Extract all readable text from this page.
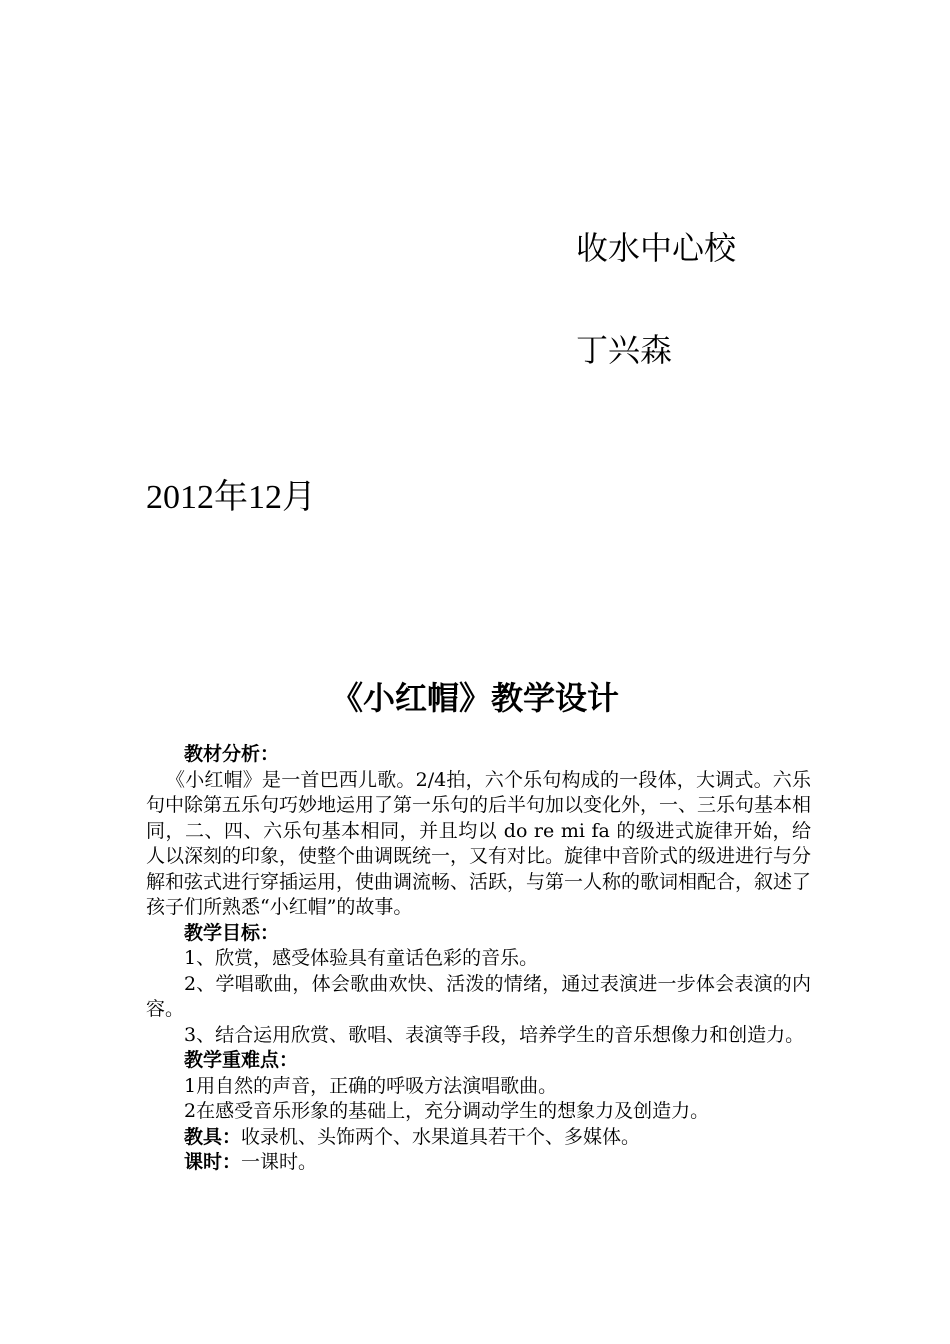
收水中心校
丁兴森
2012年12月
《小红帽》教学设计

教材分析：

《小红帽》是一首巴西儿歌。2/4拍，六个乐句构成的一段体，大调式。六乐句中除第五乐句巧妙地运用了第一乐句的后半句加以变化外，一、三乐句基本相同，二、四、六乐句基本相同，并且均以 do re mi fa 的级进式旋律开始，给人以深刻的印象，使整个曲调既统一，又有对比。旋律中音阶式的级进进行与分解和弦式进行穿插运用，使曲调流畅、活跃，与第一人称的歌词相配合，叙述了孩子们所熟悉“小红帽”的故事。

教学目标：

1、欣赏，感受体验具有童话色彩的音乐。

2、学唱歌曲，体会歌曲欢快、活泼的情绪，通过表演进一步体会表演的内容。

3、结合运用欣赏、歌唱、表演等手段，培养学生的音乐想像力和创造力。

教学重难点：

1用自然的声音，正确的呼吸方法演唱歌曲。

2在感受音乐形象的基础上，充分调动学生的想象力及创造力。

教具：收录机、头饰两个、水果道具若干个、多媒体。

课时：一课时。
